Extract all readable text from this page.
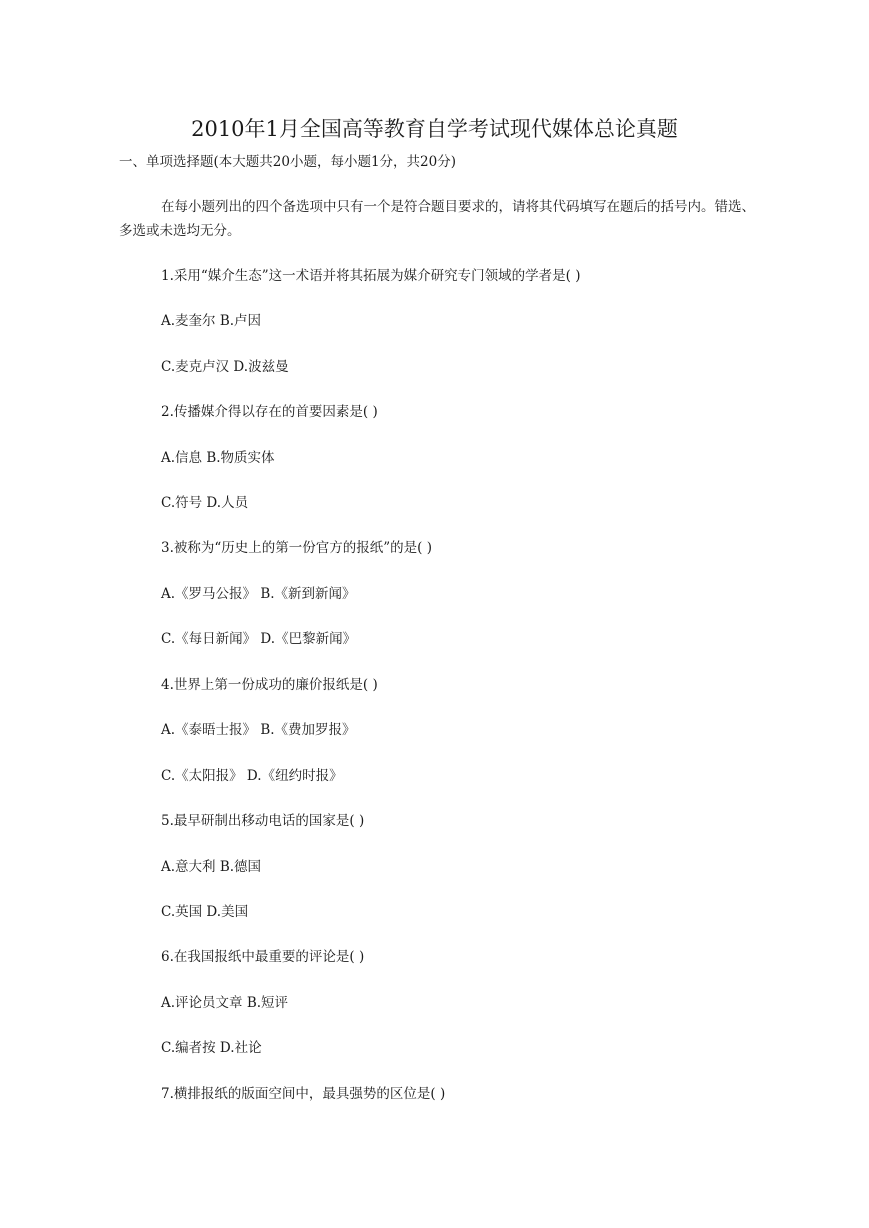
2010年1月全国高等教育自学考试现代媒体总论真题
一、单项选择题(本大题共20小题，每小题1分，共20分)
在每小题列出的四个备选项中只有一个是符合题目要求的，请将其代码填写在题后的括号内。错选、多选或未选均无分。
1.采用“媒介生态”这一术语并将其拓展为媒介研究专门领域的学者是( )
A.麦奎尔 B.卢因
C.麦克卢汉 D.波兹曼
2.传播媒介得以存在的首要因素是( )
A.信息 B.物质实体
C.符号 D.人员
3.被称为“历史上的第一份官方的报纸”的是( )
A.《罗马公报》 B.《新到新闻》
C.《每日新闻》 D.《巴黎新闻》
4.世界上第一份成功的廉价报纸是( )
A.《泰晤士报》 B.《费加罗报》
C.《太阳报》 D.《纽约时报》
5.最早研制出移动电话的国家是( )
A.意大利 B.德国
C.英国 D.美国
6.在我国报纸中最重要的评论是( )
A.评论员文章 B.短评
C.编者按 D.社论
7.横排报纸的版面空间中，最具强势的区位是( )
